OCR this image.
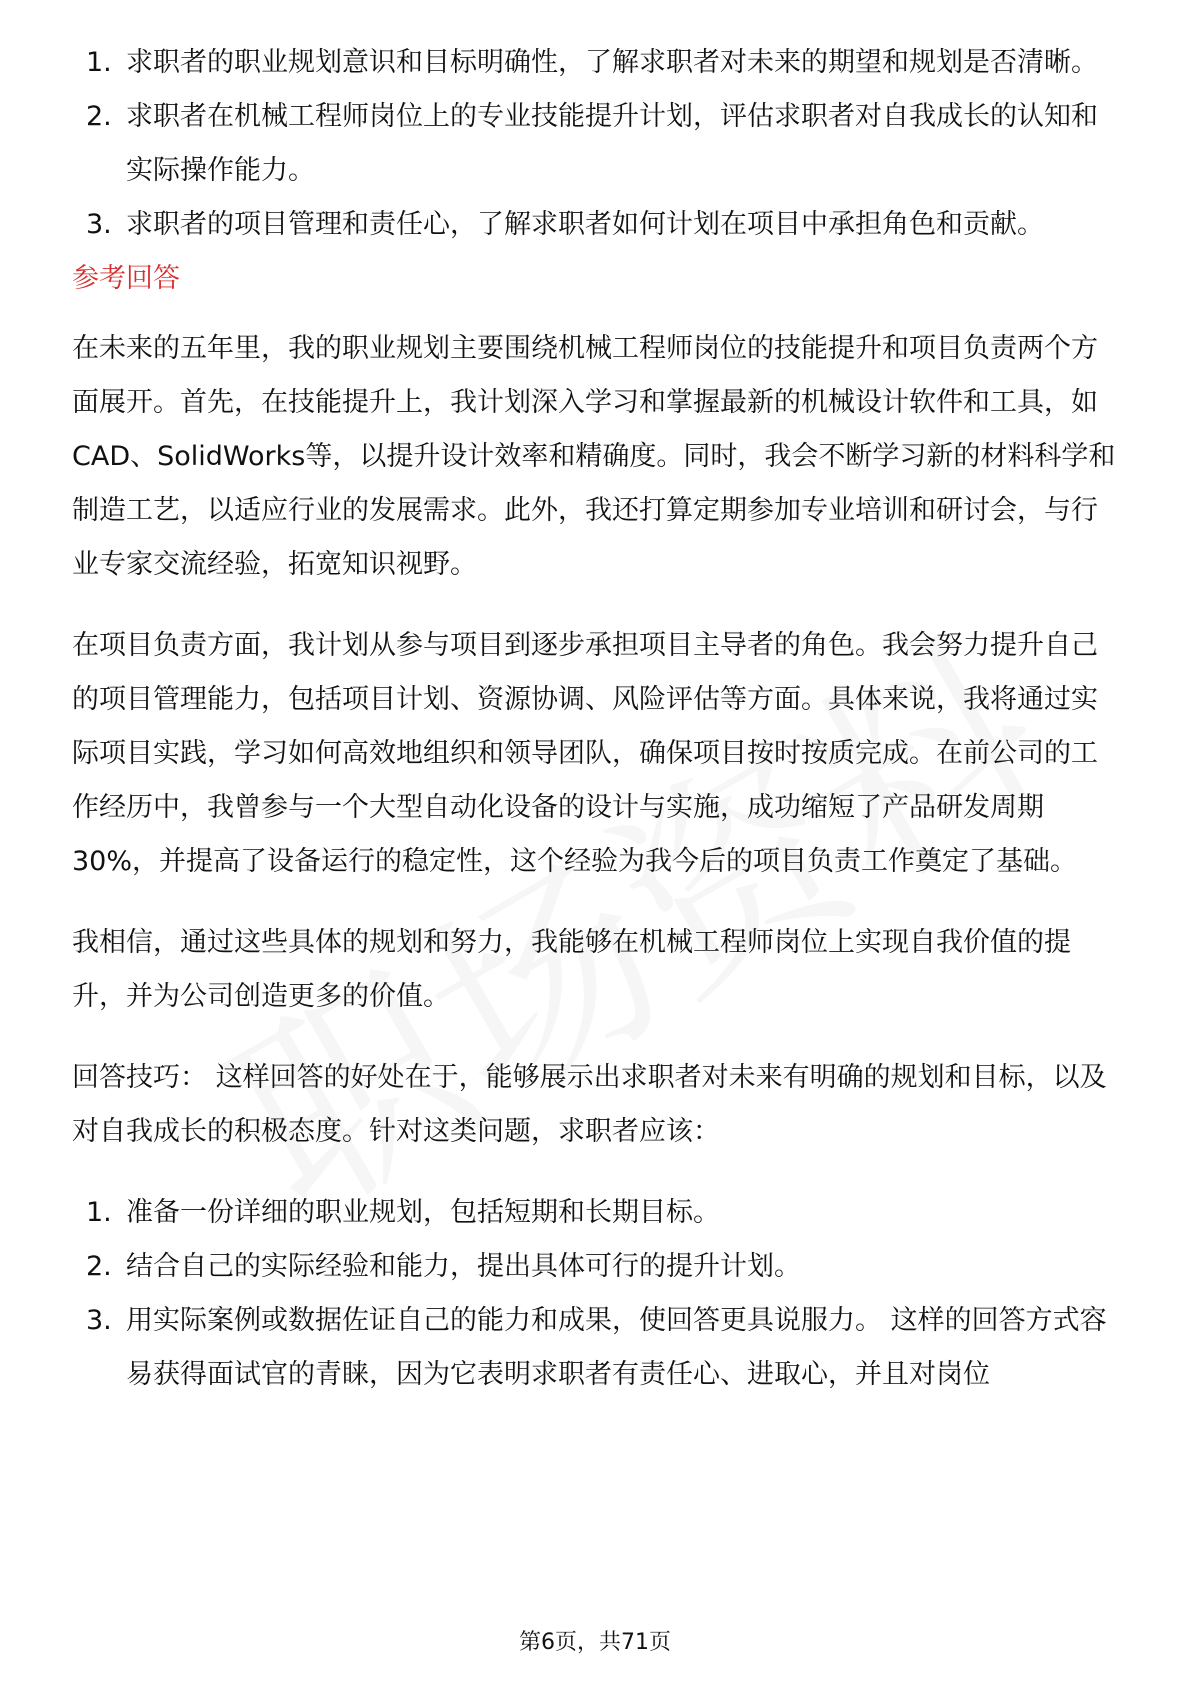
1. 求职者的职业规划意识和目标明确性，了解求职者对未来的期望和规划是否清晰。
2. 求职者在机械工程师岗位上的专业技能提升计划，评估求职者对自我成长的认知和实际操作能力。
3. 求职者的项目管理和责任心，了解求职者如何计划在项目中承担角色和贡献。

参考回答

在未来的五年里，我的职业规划主要围绕机械工程师岗位的技能提升和项目负责两个方面展开。首先，在技能提升上，我计划深入学习和掌握最新的机械设计软件和工具，如CAD、SolidWorks等，以提升设计效率和精确度。同时，我会不断学习新的材料科学和制造工艺，以适应行业的发展需求。此外，我还打算定期参加专业培训和研讨会，与行业专家交流经验，拓宽知识视野。

在项目负责方面，我计划从参与项目到逐步承担项目主导者的角色。我会努力提升自己的项目管理能力，包括项目计划、资源协调、风险评估等方面。具体来说，我将通过实际项目实践，学习如何高效地组织和领导团队，确保项目按时按质完成。在前公司的工作经历中，我曾参与一个大型自动化设备的设计与实施，成功缩短了产品研发周期30%，并提高了设备运行的稳定性，这个经验为我今后的项目负责工作奠定了基础。

我相信，通过这些具体的规划和努力，我能够在机械工程师岗位上实现自我价值的提升，并为公司创造更多的价值。

回答技巧： 这样回答的好处在于，能够展示出求职者对未来有明确的规划和目标，以及对自我成长的积极态度。针对这类问题，求职者应该：

1. 准备一份详细的职业规划，包括短期和长期目标。
2. 结合自己的实际经验和能力，提出具体可行的提升计划。
3. 用实际案例或数据佐证自己的能力和成果，使回答更具说服力。 这样的回答方式容易获得面试官的青睐，因为它表明求职者有责任心、进取心，并且对岗位
第6页，共71页
